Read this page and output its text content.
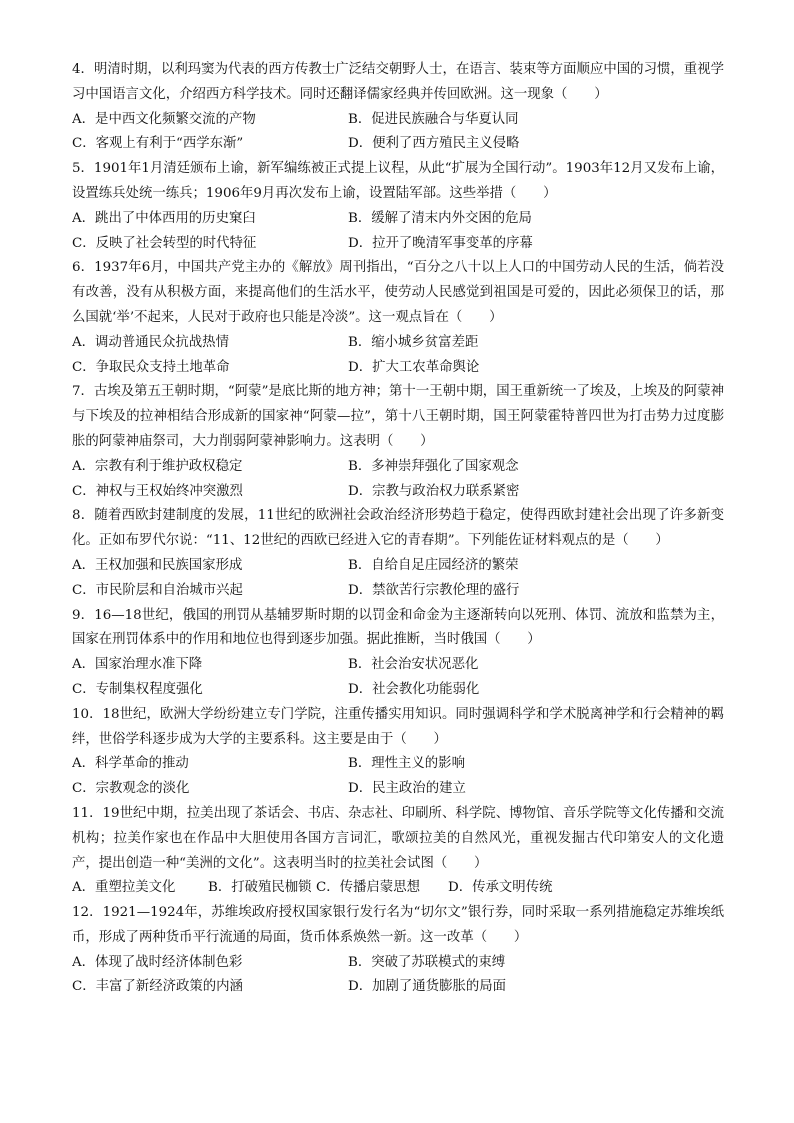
4．明清时期，以利玛窦为代表的西方传教士广泛结交朝野人士，在语言、装束等方面顺应中国的习惯，重视学习中国语言文化，介绍西方科学技术。同时还翻译儒家经典并传回欧洲。这一现象（　　）

A．是中西文化频繁交流的产物	B．促进民族融合与华夏认同
C．客观上有利于“西学东渐”	D．便利了西方殖民主义侵略

5．1901年1月清廷颁布上谕，新军编练被正式提上议程，从此“扩展为全国行动”。1903年12月又发布上谕，设置练兵处统一练兵；1906年9月再次发布上谕，设置陆军部。这些举措（　　）

A．跳出了中体西用的历史窠臼	B．缓解了清末内外交困的危局
C．反映了社会转型的时代特征	D．拉开了晚清军事变革的序幕

6．1937年6月，中国共产党主办的《解放》周刊指出，“百分之八十以上人口的中国劳动人民的生活，倘若没有改善，没有从积极方面，来提高他们的生活水平，使劳动人民感觉到祖国是可爱的，因此必须保卫的话，那么国就‘举’不起来，人民对于政府也只能是冷淡”。这一观点旨在（　　）

A．调动普通民众抗战热情	B．缩小城乡贫富差距
C．争取民众支持土地革命	D．扩大工农革命舆论

7．古埃及第五王朝时期，“阿蒙”是底比斯的地方神；第十一王朝中期，国王重新统一了埃及，上埃及的阿蒙神与下埃及的拉神相结合形成新的国家神“阿蒙—拉”，第十八王朝时期，国王阿蒙霍特普四世为打击势力过度膨胀的阿蒙神庙祭司，大力削弱阿蒙神影响力。这表明（　　）

A．宗教有利于维护政权稳定	B．多神崇拜强化了国家观念
C．神权与王权始终冲突激烈	D．宗教与政治权力联系紧密

8．随着西欧封建制度的发展，11世纪的欧洲社会政治经济形势趋于稳定，使得西欧封建社会出现了许多新变化。正如布罗代尔说：“11、12世纪的西欧已经进入它的青春期”。下列能佐证材料观点的是（　　）

A．王权加强和民族国家形成	B．自给自足庄园经济的繁荣
C．市民阶层和自治城市兴起	D．禁欲苦行宗教伦理的盛行

9．16—18世纪，俄国的刑罚从基辅罗斯时期的以罚金和命金为主逐渐转向以死刑、体罚、流放和监禁为主，国家在刑罚体系中的作用和地位也得到逐步加强。据此推断，当时俄国（　　）

A．国家治理水准下降	B．社会治安状况恶化
C．专制集权程度强化	D．社会教化功能弱化

10．18世纪，欧洲大学纷纷建立专门学院，注重传播实用知识。同时强调科学和学术脱离神学和行会精神的羁绊，世俗学科逐步成为大学的主要系科。这主要是由于（　　）

A．科学革命的推动	B．理性主义的影响
C．宗教观念的淡化	D．民主政治的建立

11．19世纪中期，拉美出现了茶话会、书店、杂志社、印刷所、科学院、博物馆、音乐学院等文化传播和交流机构；拉美作家也在作品中大胆使用各国方言词汇，歌颂拉美的自然风光，重视发掘古代印第安人的文化遗产，提出创造一种“美洲的文化”。这表明当时的拉美社会试图（　　）

A．重塑拉美文化	B．打破殖民枷锁 C．传播启蒙思想	D．传承文明传统

12．1921—1924年，苏维埃政府授权国家银行发行名为“切尔文”银行券，同时采取一系列措施稳定苏维埃纸币，形成了两种货币平行流通的局面，货币体系焕然一新。这一改革（　　）

A．体现了战时经济体制色彩	B．突破了苏联模式的束缚
C．丰富了新经济政策的内涵	D．加剧了通货膨胀的局面
